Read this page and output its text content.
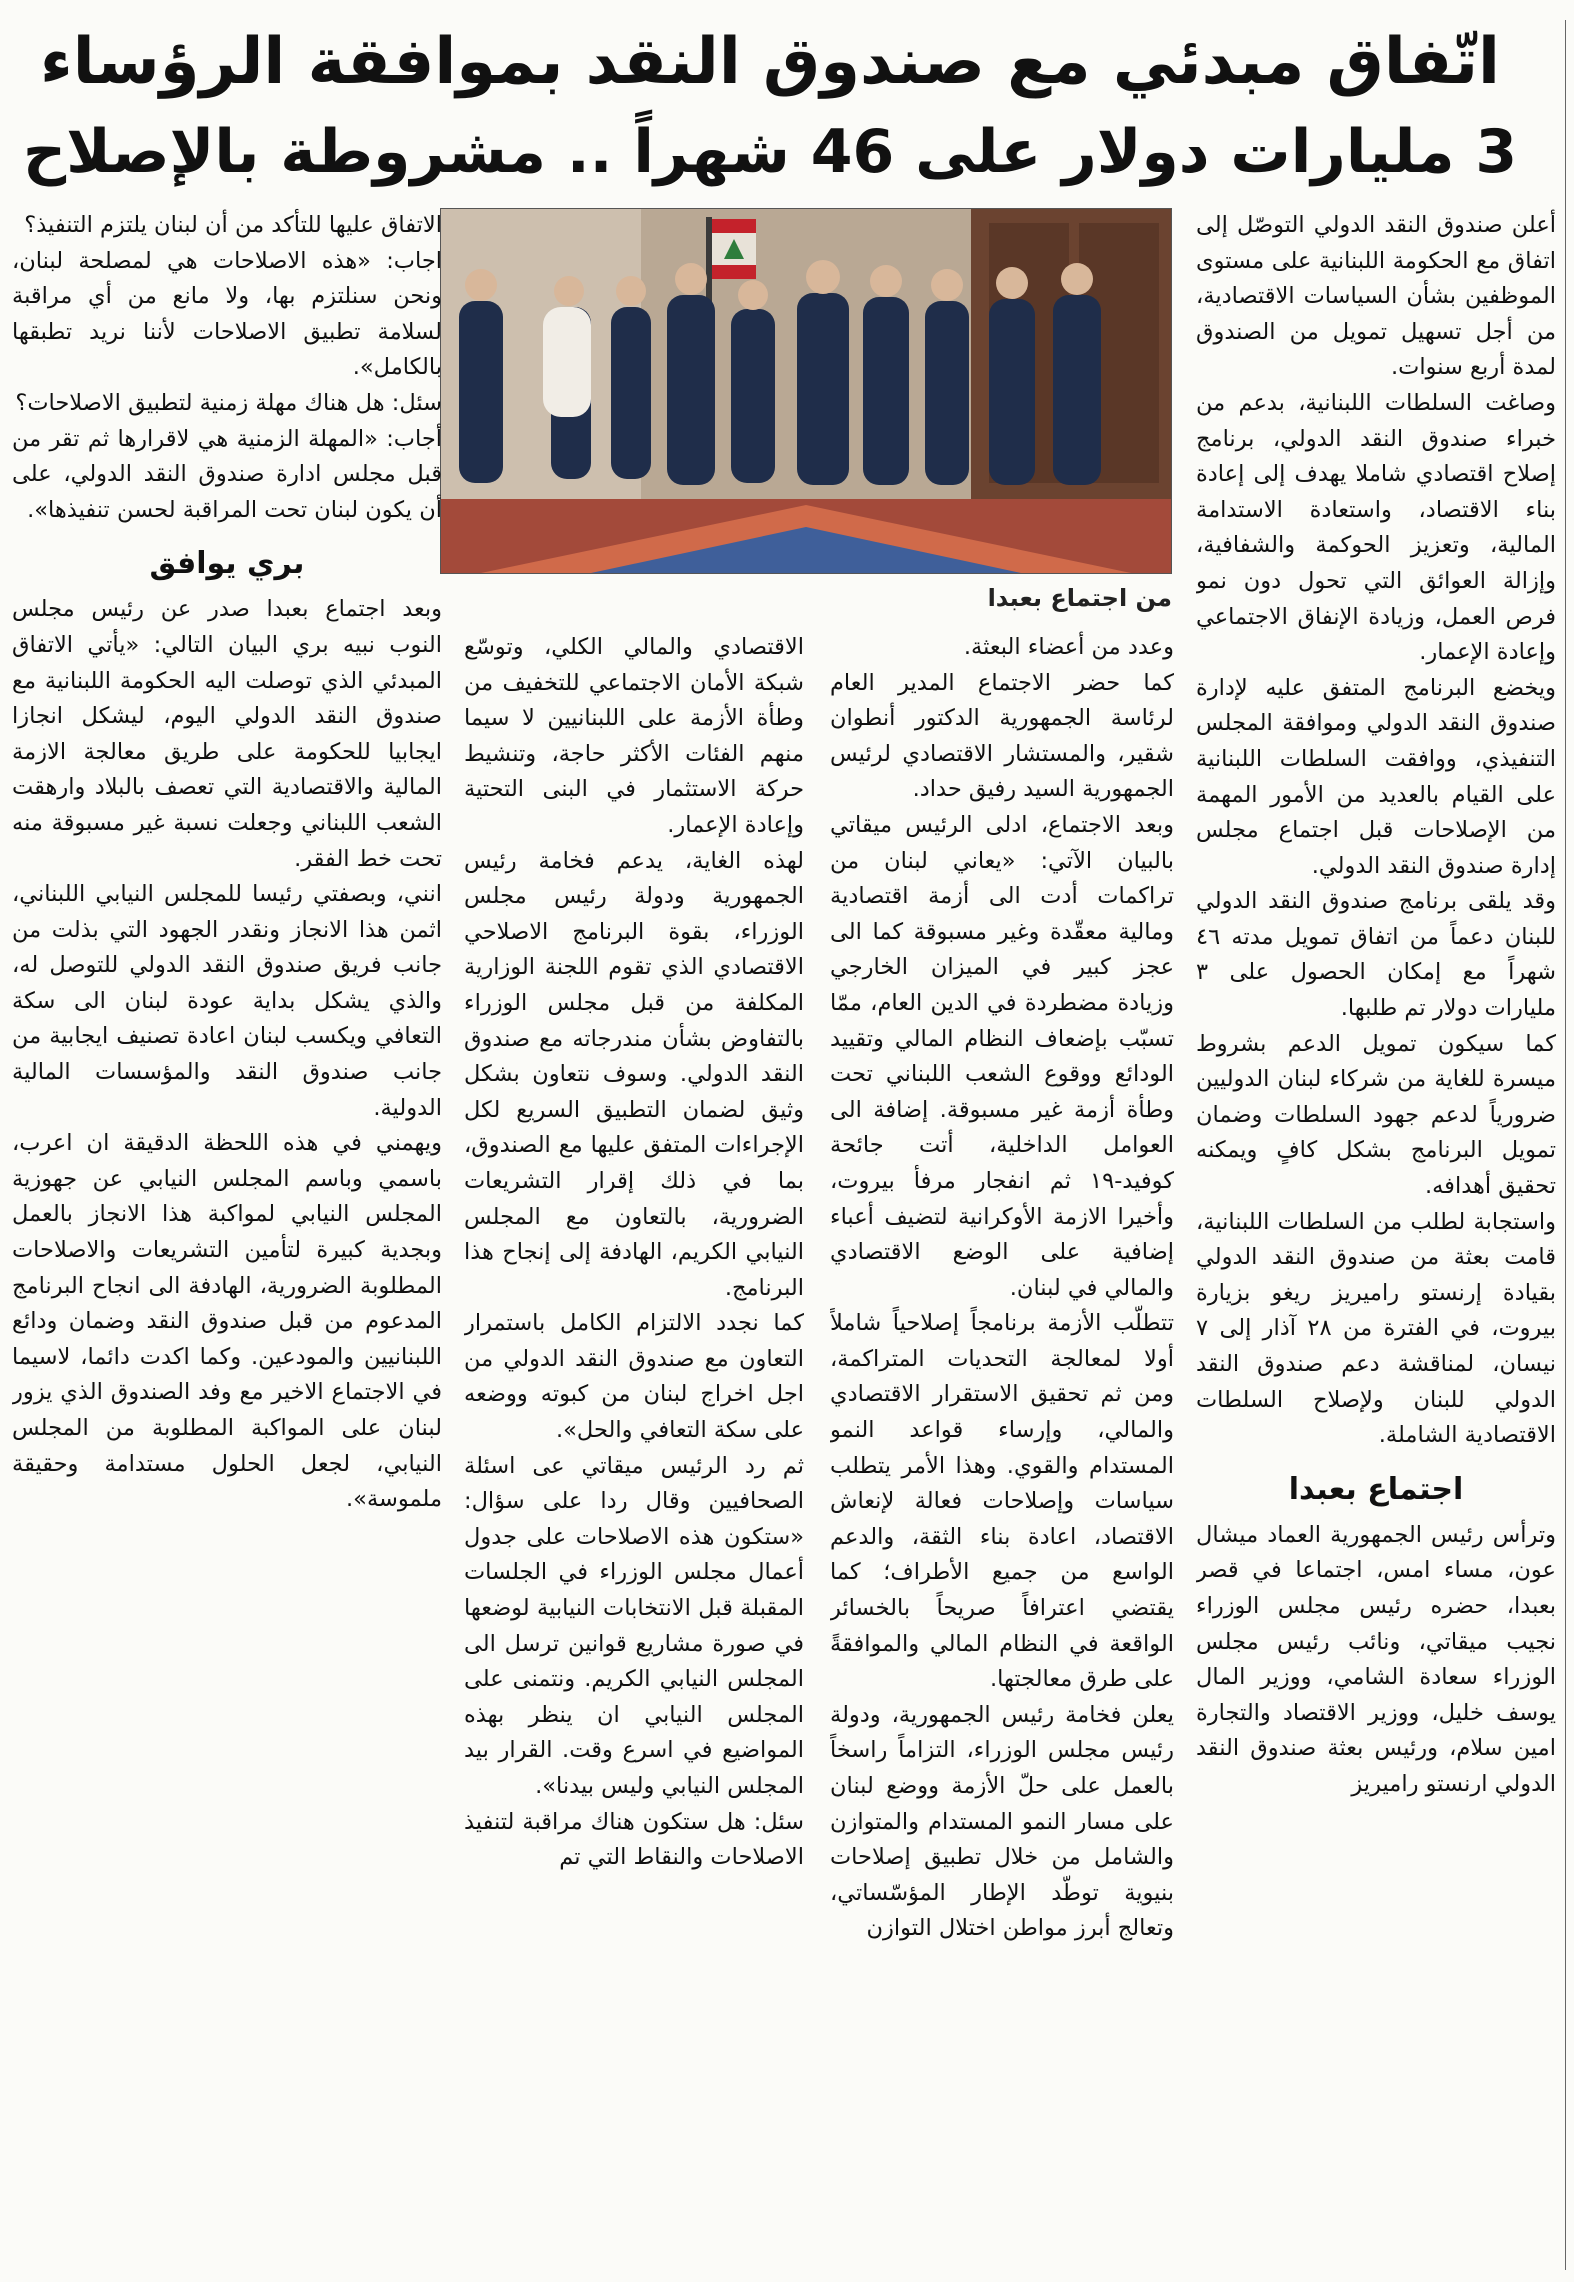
اتّفاق مبدئي مع صندوق النقد بموافقة الرؤساء
3 مليارات دولار على 46 شهراً .. مشروطة بالإصلاح

أعلن صندوق النقد الدولي التوصّل إلى اتفاق مع الحكومة اللبنانية على مستوى الموظفين بشأن السياسات الاقتصادية، من أجل تسهيل تمويل من الصندوق لمدة أربع سنوات.

وصاغت السلطات اللبنانية، بدعم من خبراء صندوق النقد الدولي، برنامج إصلاح اقتصادي شاملا يهدف إلى إعادة بناء الاقتصاد، واستعادة الاستدامة المالية، وتعزيز الحوكمة والشفافية، وإزالة العوائق التي تحول دون نمو فرص العمل، وزيادة الإنفاق الاجتماعي وإعادة الإعمار.

ويخضع البرنامج المتفق عليه لإدارة صندوق النقد الدولي وموافقة المجلس التنفيذي، ووافقت السلطات اللبنانية على القيام بالعديد من الأمور المهمة من الإصلاحات قبل اجتماع مجلس إدارة صندوق النقد الدولي.

وقد يلقى برنامج صندوق النقد الدولي للبنان دعماً من اتفاق تمويل مدته ٤٦ شهراً مع إمكان الحصول على ٣ مليارات دولار تم طلبها.

كما سيكون تمويل الدعم بشروط ميسرة للغاية من شركاء لبنان الدوليين ضرورياً لدعم جهود السلطات وضمان تمويل البرنامج بشكل كافٍ ويمكنه تحقيق أهدافه.

واستجابة لطلب من السلطات اللبنانية، قامت بعثة من صندوق النقد الدولي بقيادة إرنستو راميريز ريغو بزيارة بيروت، في الفترة من ٢٨ آذار إلى ٧ نيسان، لمناقشة دعم صندوق النقد الدولي للبنان ولإصلاح السلطات الاقتصادية الشاملة.

اجتماع بعبدا

وترأس رئيس الجمهورية العماد ميشال عون، مساء امس، اجتماعا في قصر بعبدا، حضره رئيس مجلس الوزراء نجيب ميقاتي، ونائب رئيس مجلس الوزراء سعادة الشامي، ووزير المال يوسف خليل، ووزير الاقتصاد والتجارة امين سلام، ورئيس بعثة صندوق النقد الدولي ارنستو راميريز

من اجتماع بعبدا

وعدد من أعضاء البعثة.

كما حضر الاجتماع المدير العام لرئاسة الجمهورية الدكتور أنطوان شقير، والمستشار الاقتصادي لرئيس الجمهورية السيد رفيق حداد.

وبعد الاجتماع، ادلى الرئيس ميقاتي بالبيان الآتي: «يعاني لبنان من تراكمات أدت الى أزمة اقتصادية ومالية معقّدة وغير مسبوقة كما الى عجز كبير في الميزان الخارجي وزيادة مضطردة في الدين العام، ممّا تسبّب بإضعاف النظام المالي وتقييد الودائع ووقوع الشعب اللبناني تحت وطأة أزمة غير مسبوقة. إضافة الى العوامل الداخلية، أتت جائحة كوفيد-١٩ ثم انفجار مرفأ بيروت، وأخيرا الازمة الأوكرانية لتضيف أعباء إضافية على الوضع الاقتصادي والمالي في لبنان.

تتطلّب الأزمة برنامجاً إصلاحياً شاملاً أولا لمعالجة التحديات المتراكمة، ومن ثم تحقيق الاستقرار الاقتصادي والمالي، وإرساء قواعد النمو المستدام والقوي. وهذا الأمر يتطلب سياسات وإصلاحات فعالة لإنعاش الاقتصاد، اعادة بناء الثقة، والدعم الواسع من جميع الأطراف؛ كما يقتضي اعترافاً صريحاً بالخسائر الواقعة في النظام المالي والموافقةً على طرق معالجتها.

يعلن فخامة رئيس الجمهورية، ودولة رئيس مجلس الوزراء، التزاماً راسخاً بالعمل على حلّ الأزمة ووضع لبنان على مسار النمو المستدام والمتوازن والشامل من خلال تطبيق إصلاحات بنيوية توطّد الإطار المؤسّساتي، وتعالج أبرز مواطن اختلال التوازن

الاقتصادي والمالي الكلي، وتوسّع شبكة الأمان الاجتماعي للتخفيف من وطأة الأزمة على اللبنانيين لا سيما منهم الفئات الأكثر حاجة، وتنشيط حركة الاستثمار في البنى التحتية وإعادة الإعمار.

لهذه الغاية، يدعم فخامة رئيس الجمهورية ودولة رئيس مجلس الوزراء، بقوة البرنامج الاصلاحي الاقتصادي الذي تقوم اللجنة الوزارية المكلفة من قبل مجلس الوزراء بالتفاوض بشأن مندرجاته مع صندوق النقد الدولي. وسوف نتعاون بشكل وثيق لضمان التطبيق السريع لكل الإجراءات المتفق عليها مع الصندوق، بما في ذلك إقرار التشريعات الضرورية، بالتعاون مع المجلس النيابي الكريم، الهادفة إلى إنجاح هذا البرنامج.

كما نجدد الالتزام الكامل باستمرار التعاون مع صندوق النقد الدولي من اجل اخراج لبنان من كبوته ووضعه على سكة التعافي والحل».

ثم رد الرئيس ميقاتي عى اسئلة الصحافيين وقال ردا على سؤال: «ستكون هذه الاصلاحات على جدول أعمال مجلس الوزراء في الجلسات المقبلة قبل الانتخابات النيابية لوضعها في صورة مشاريع قوانين ترسل الى المجلس النيابي الكريم. ونتمنى على المجلس النيابي ان ينظر بهذه المواضيع في اسرع وقت. القرار بيد المجلس النيابي وليس بيدنا».

سئل: هل ستكون هناك مراقبة لتنفيذ الاصلاحات والنقاط التي تم

الاتفاق عليها للتأكد من أن لبنان يلتزم التنفيذ؟

اجاب: «هذه الاصلاحات هي لمصلحة لبنان، ونحن سنلتزم بها، ولا مانع من أي مراقبة لسلامة تطبيق الاصلاحات لأننا نريد تطبقها بالكامل».

سئل: هل هناك مهلة زمنية لتطبيق الاصلاحات؟

أجاب: «المهلة الزمنية هي لاقرارها ثم تقر من قبل مجلس ادارة صندوق النقد الدولي، على أن يكون لبنان تحت المراقبة لحسن تنفيذها».

بري يوافق

وبعد اجتماع بعبدا صدر عن رئيس مجلس النوب نبيه بري البيان التالي: «يأتي الاتفاق المبدئي الذي توصلت اليه الحكومة اللبنانية مع صندوق النقد الدولي اليوم، ليشكل انجازا ايجابيا للحكومة على طريق معالجة الازمة المالية والاقتصادية التي تعصف بالبلاد وارهقت الشعب اللبناني وجعلت نسبة غير مسبوقة منه تحت خط الفقر.

انني، وبصفتي رئيسا للمجلس النيابي اللبناني، اثمن هذا الانجاز ونقدر الجهود التي بذلت من جانب فريق صندوق النقد الدولي للتوصل له، والذي يشكل بداية عودة لبنان الى سكة التعافي ويكسب لبنان اعادة تصنيف ايجابية من جانب صندوق النقد والمؤسسات المالية الدولية.

ويهمني في هذه اللحظة الدقيقة ان اعرب، باسمي وباسم المجلس النيابي عن جهوزية المجلس النيابي لمواكبة هذا الانجاز بالعمل وبجدية كبيرة لتأمين التشريعات والاصلاحات المطلوبة الضرورية، الهادفة الى انجاح البرنامج المدعوم من قبل صندوق النقد وضمان ودائع اللبنانيين والمودعين. وكما اكدت دائما، لاسيما في الاجتماع الاخير مع وفد الصندوق الذي يزور لبنان على المواكبة المطلوبة من المجلس النيابي، لجعل الحلول مستدامة وحقيقة ملموسة».
